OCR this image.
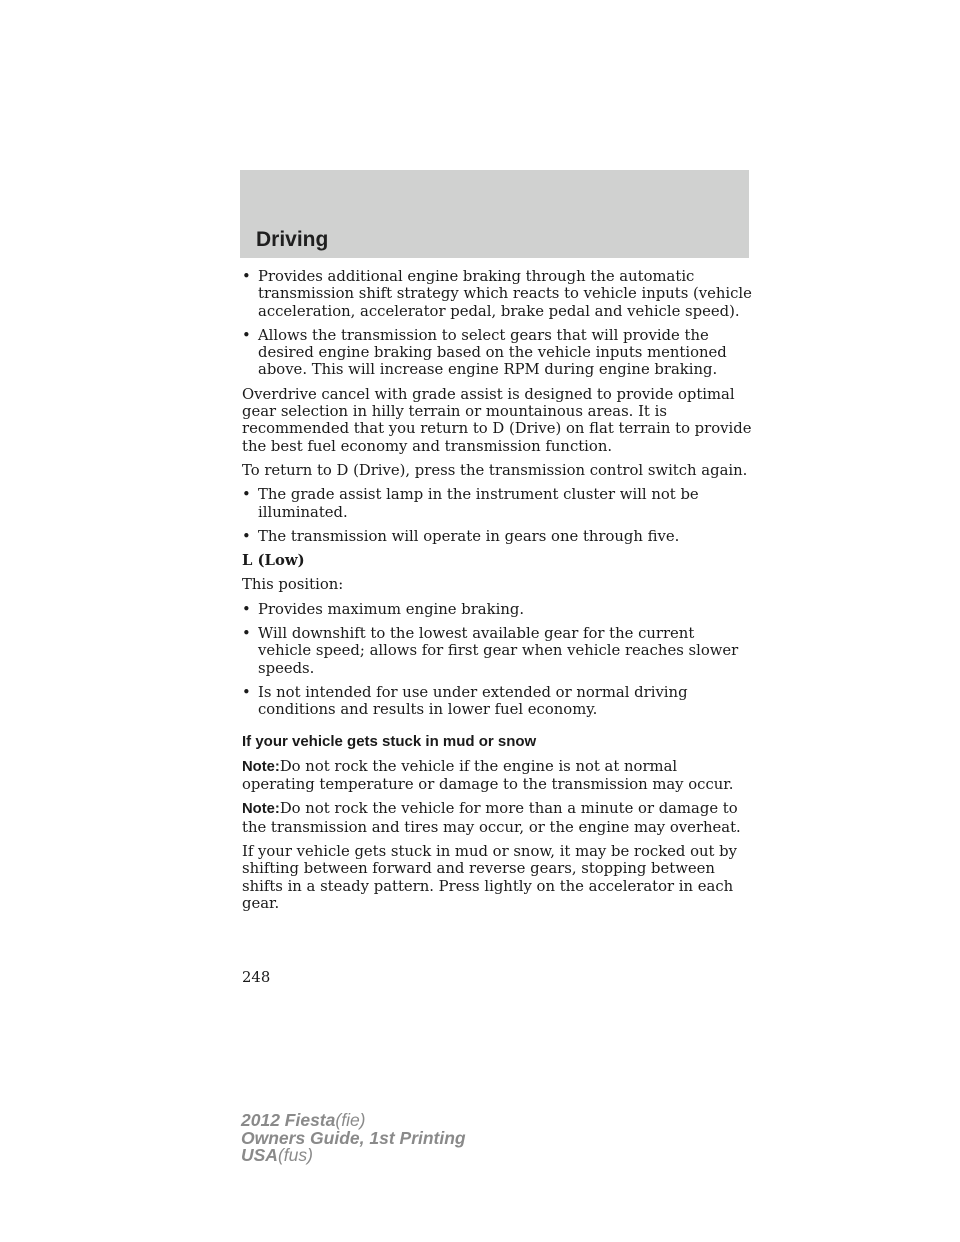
Driving
• Provides additional engine braking through the automatic transmission shift strategy which reacts to vehicle inputs (vehicle acceleration, accelerator pedal, brake pedal and vehicle speed).
• Allows the transmission to select gears that will provide the desired engine braking based on the vehicle inputs mentioned above. This will increase engine RPM during engine braking.

Overdrive cancel with grade assist is designed to provide optimal gear selection in hilly terrain or mountainous areas. It is recommended that you return to D (Drive) on flat terrain to provide the best fuel economy and transmission function.

To return to D (Drive), press the transmission control switch again.

• The grade assist lamp in the instrument cluster will not be illuminated.
• The transmission will operate in gears one through five.
L (Low)

This position:

• Provides maximum engine braking.
• Will downshift to the lowest available gear for the current vehicle speed; allows for first gear when vehicle reaches slower speeds.
• Is not intended for use under extended or normal driving conditions and results in lower fuel economy.
If your vehicle gets stuck in mud or snow

Note:Do not rock the vehicle if the engine is not at normal operating temperature or damage to the transmission may occur.

Note:Do not rock the vehicle for more than a minute or damage to the transmission and tires may occur, or the engine may overheat.

If your vehicle gets stuck in mud or snow, it may be rocked out by shifting between forward and reverse gears, stopping between shifts in a steady pattern. Press lightly on the accelerator in each gear.

248
2012 Fiesta(fie)
Owners Guide, 1st Printing
USA(fus)
